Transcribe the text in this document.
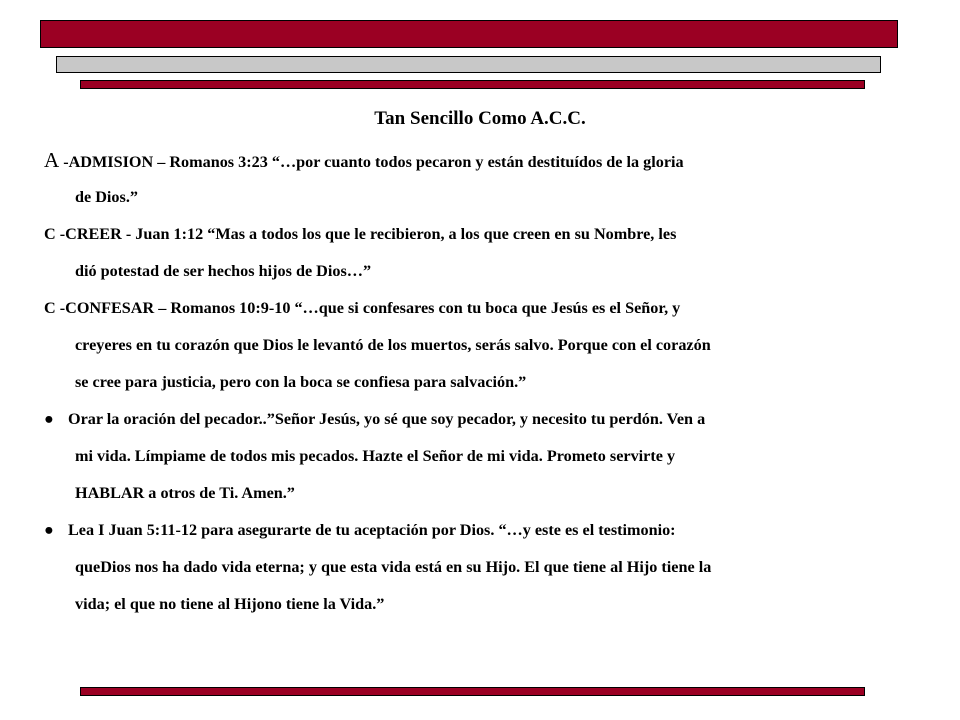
Tan Sencillo Como A.C.C.
A -ADMISION – Romanos 3:23 “…por cuanto todos pecaron y están destituídos de la gloria
de Dios.”
C -CREER - Juan 1:12 “Mas a todos los que le recibieron, a los que creen en su Nombre, les
dió potestad de ser hechos hijos de Dios…”
C -CONFESAR – Romanos 10:9-10 “…que si confesares con tu boca que Jesús es el Señor, y
creyeres en tu corazón que Dios le levantó de los muertos, serás salvo. Porque con el corazón
se cree para justicia, pero con la boca se confiesa para salvación.”
● Orar la oración del pecador..”Señor Jesús, yo sé que soy pecador, y necesito tu perdón. Ven a
mi vida. Límpiame de todos mis pecados. Hazte el Señor de mi vida. Prometo servirte y
HABLAR a otros de Ti. Amen.”
● Lea I Juan 5:11-12 para asegurarte de tu aceptación por Dios. “…y este es el testimonio:
queDios nos ha dado vida eterna; y que esta vida está en su Hijo. El que tiene al Hijo tiene la
vida; el que no tiene al Hijono tiene la Vida.”
